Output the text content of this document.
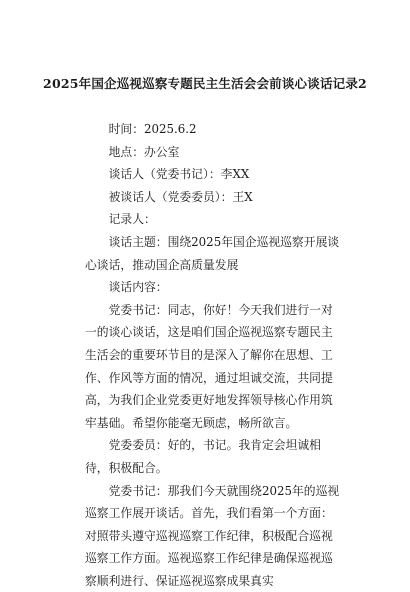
2025年国企巡视巡察专题民主生活会会前谈心谈话记录2

时间：2025.6.2

地点：办公室

谈话人（党委书记）：李XX

被谈话人（党委委员）：王X

记录人：

谈话主题：围绕2025年国企巡视巡察开展谈心谈话，推动国企高质量发展

谈话内容：

党委书记：同志，你好！今天我们进行一对一的谈心谈话，这是咱们国企巡视巡察专题民主生活会的重要环节目的是深入了解你在思想、工作、作风等方面的情况，通过坦诚交流，共同提高，为我们企业党委更好地发挥领导核心作用筑牢基础。希望你能毫无顾虑，畅所欲言。

党委委员：好的，书记。我肯定会坦诚相待，积极配合。

党委书记：那我们今天就围绕2025年的巡视巡察工作展开谈话。首先，我们看第一个方面：对照带头遵守巡视巡察工作纪律，积极配合巡视巡察工作方面。巡视巡察工作纪律是确保巡视巡察顺利进行、保证巡视巡察成果真实
